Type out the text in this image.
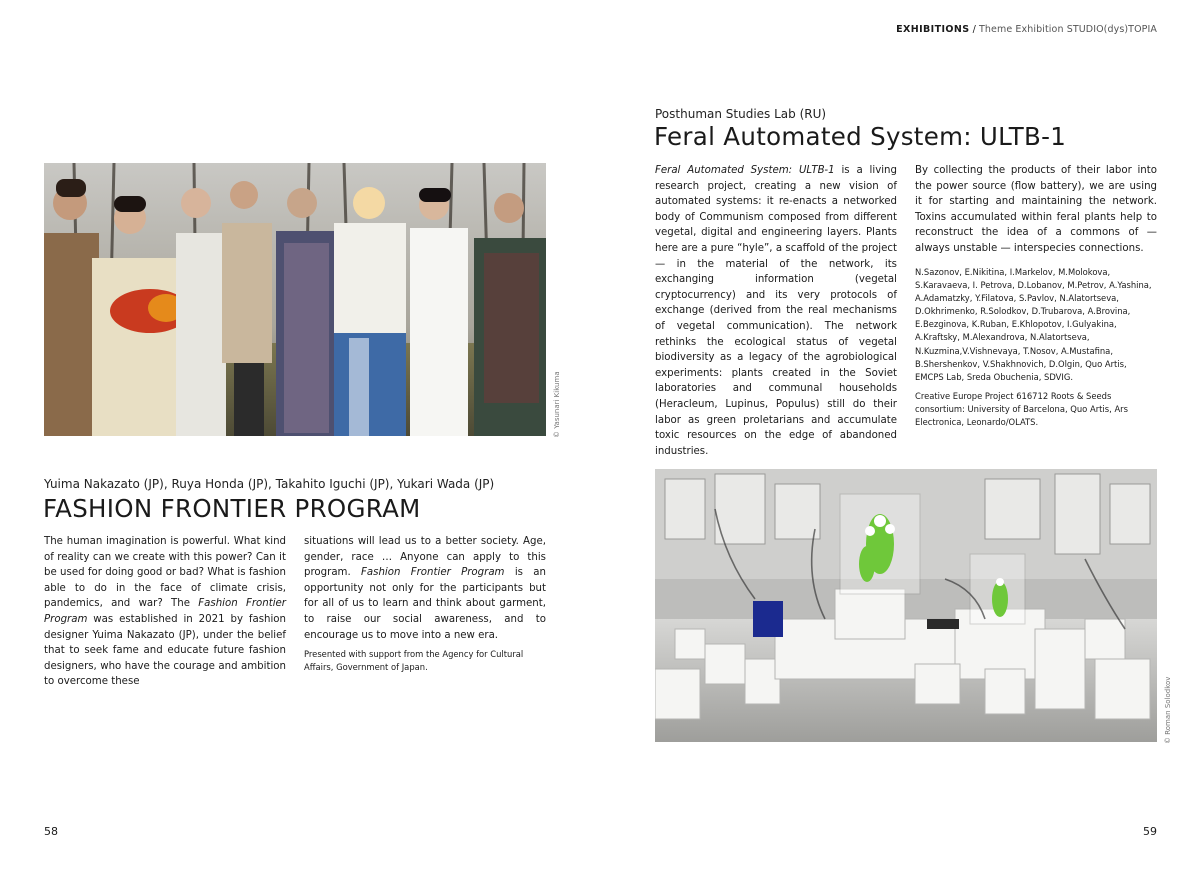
EXHIBITIONS / Theme Exhibition STUDIO(dys)TOPIA
© Yasunari Kikuma
Yuima Nakazato (JP), Ruya Honda (JP), Takahito Iguchi (JP), Yukari Wada (JP)
FASHION FRONTIER PROGRAM

The human imagination is powerful. What kind of reality can we create with this power? Can it be used for doing good or bad? What is fashion able to do in the face of climate crisis, pandemics, and war? The Fashion Frontier Program was established in 2021 by fashion designer Yuima Nakazato (JP), under the belief that to seek fame and educate future fashion designers, who have the courage and ambition to overcome these

situations will lead us to a better society. Age, gender, race … Anyone can apply to this program. Fashion Frontier Program is an opportunity not only for the participants but for all of us to learn and think about garment, to raise our social awareness, and to encourage us to move into a new era.

Presented with support from the Agency for Cultural Affairs, Government of Japan.

58
Posthuman Studies Lab (RU)
Feral Automated System: ULTB-1

Feral Automated System: ULTB-1 is a living research project, creating a new vision of automated systems: it re-enacts a networked body of Communism composed from different vegetal, digital and engineering layers. Plants here are a pure “hyle”, a scaffold of the project — in the material of the network, its exchanging information (vegetal cryptocurrency) and its very protocols of exchange (derived from the real mechanisms of vegetal communication). The network rethinks the ecological status of vegetal biodiversity as a legacy of the agrobiological experiments: plants created in the Soviet laboratories and communal households (Heracleum, Lupinus, Populus) still do their labor as green proletarians and accumulate toxic resources on the edge of abandoned industries.

By collecting the products of their labor into the power source (flow battery), we are using it for starting and maintaining the network. Toxins accumulated within feral plants help to reconstruct the idea of a commons of — always unstable — interspecies connections.

N.Sazonov, E.Nikitina, I.Markelov, M.Molokova, S.Karavaeva, I. Petrova, D.Lobanov, M.Petrov, A.Yashina, A.Adamatzky, Y.Filatova, S.Pavlov, N.Alatortseva, D.Okhrimenko, R.Solodkov, D.Trubarova, A.Brovina, E.Bezginova, K.Ruban, E.Khlopotov, I.Gulyakina, A.Kraftsky, M.Alexandrova, N.Alatortseva, N.Kuzmina,V.Vishnevaya, T.Nosov, A.Mustafina, B.Shershenkov, V.Shakhnovich, D.Olgin, Quo Artis, EMCPS Lab, Sreda Obuchenia, SDVIG.

Creative Europe Project 616712 Roots & Seeds consortium: University of Barcelona, Quo Artis, Ars Electronica, Leonardo/OLATS.

© Roman Solodkov
59
